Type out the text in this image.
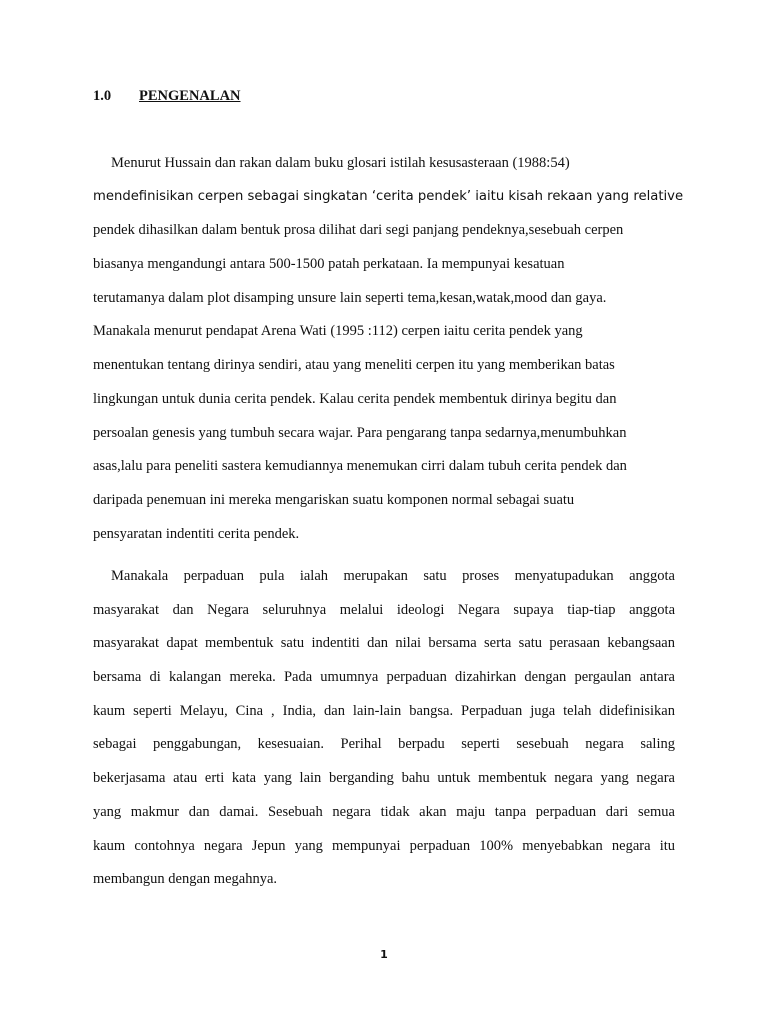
1.0 PENGENALAN
Menurut Hussain dan rakan dalam buku glosari istilah kesusasteraan (1988:54)
mendefinisikan cerpen sebagai singkatan ‘cerita pendek’ iaitu kisah rekaan yang relative
pendek dihasilkan dalam bentuk prosa dilihat dari segi panjang pendeknya,sesebuah cerpen
biasanya mengandungi antara 500-1500 patah perkataan. Ia mempunyai kesatuan
terutamanya dalam plot disamping unsure lain seperti tema,kesan,watak,mood dan gaya.
Manakala menurut pendapat Arena Wati (1995 :112) cerpen iaitu cerita pendek yang
menentukan tentang dirinya sendiri, atau yang meneliti cerpen itu yang memberikan batas
lingkungan untuk dunia cerita pendek. Kalau cerita pendek membentuk dirinya begitu dan
persoalan genesis yang tumbuh secara wajar. Para pengarang tanpa sedarnya,menumbuhkan
asas,lalu para peneliti sastera kemudiannya menemukan cirri dalam tubuh cerita pendek dan
daripada penemuan ini mereka mengariskan suatu komponen normal sebagai suatu
pensyaratan indentiti cerita pendek.
Manakala perpaduan pula ialah merupakan satu proses menyatupadukan anggota
masyarakat dan Negara seluruhnya melalui ideologi Negara supaya tiap-tiap anggota
masyarakat dapat membentuk satu indentiti dan nilai bersama serta satu perasaan kebangsaan
bersama di kalangan mereka. Pada umumnya perpaduan dizahirkan dengan pergaulan antara
kaum seperti Melayu, Cina , India, dan lain-lain bangsa. Perpaduan juga telah didefinisikan
sebagai penggabungan, kesesuaian. Perihal berpadu seperti sesebuah negara saling
bekerjasama atau erti kata yang lain berganding bahu untuk membentuk negara yang negara
yang makmur dan damai. Sesebuah negara tidak akan maju tanpa perpaduan dari semua
kaum contohnya negara Jepun yang mempunyai perpaduan 100% menyebabkan negara itu
membangun dengan megahnya.
1
